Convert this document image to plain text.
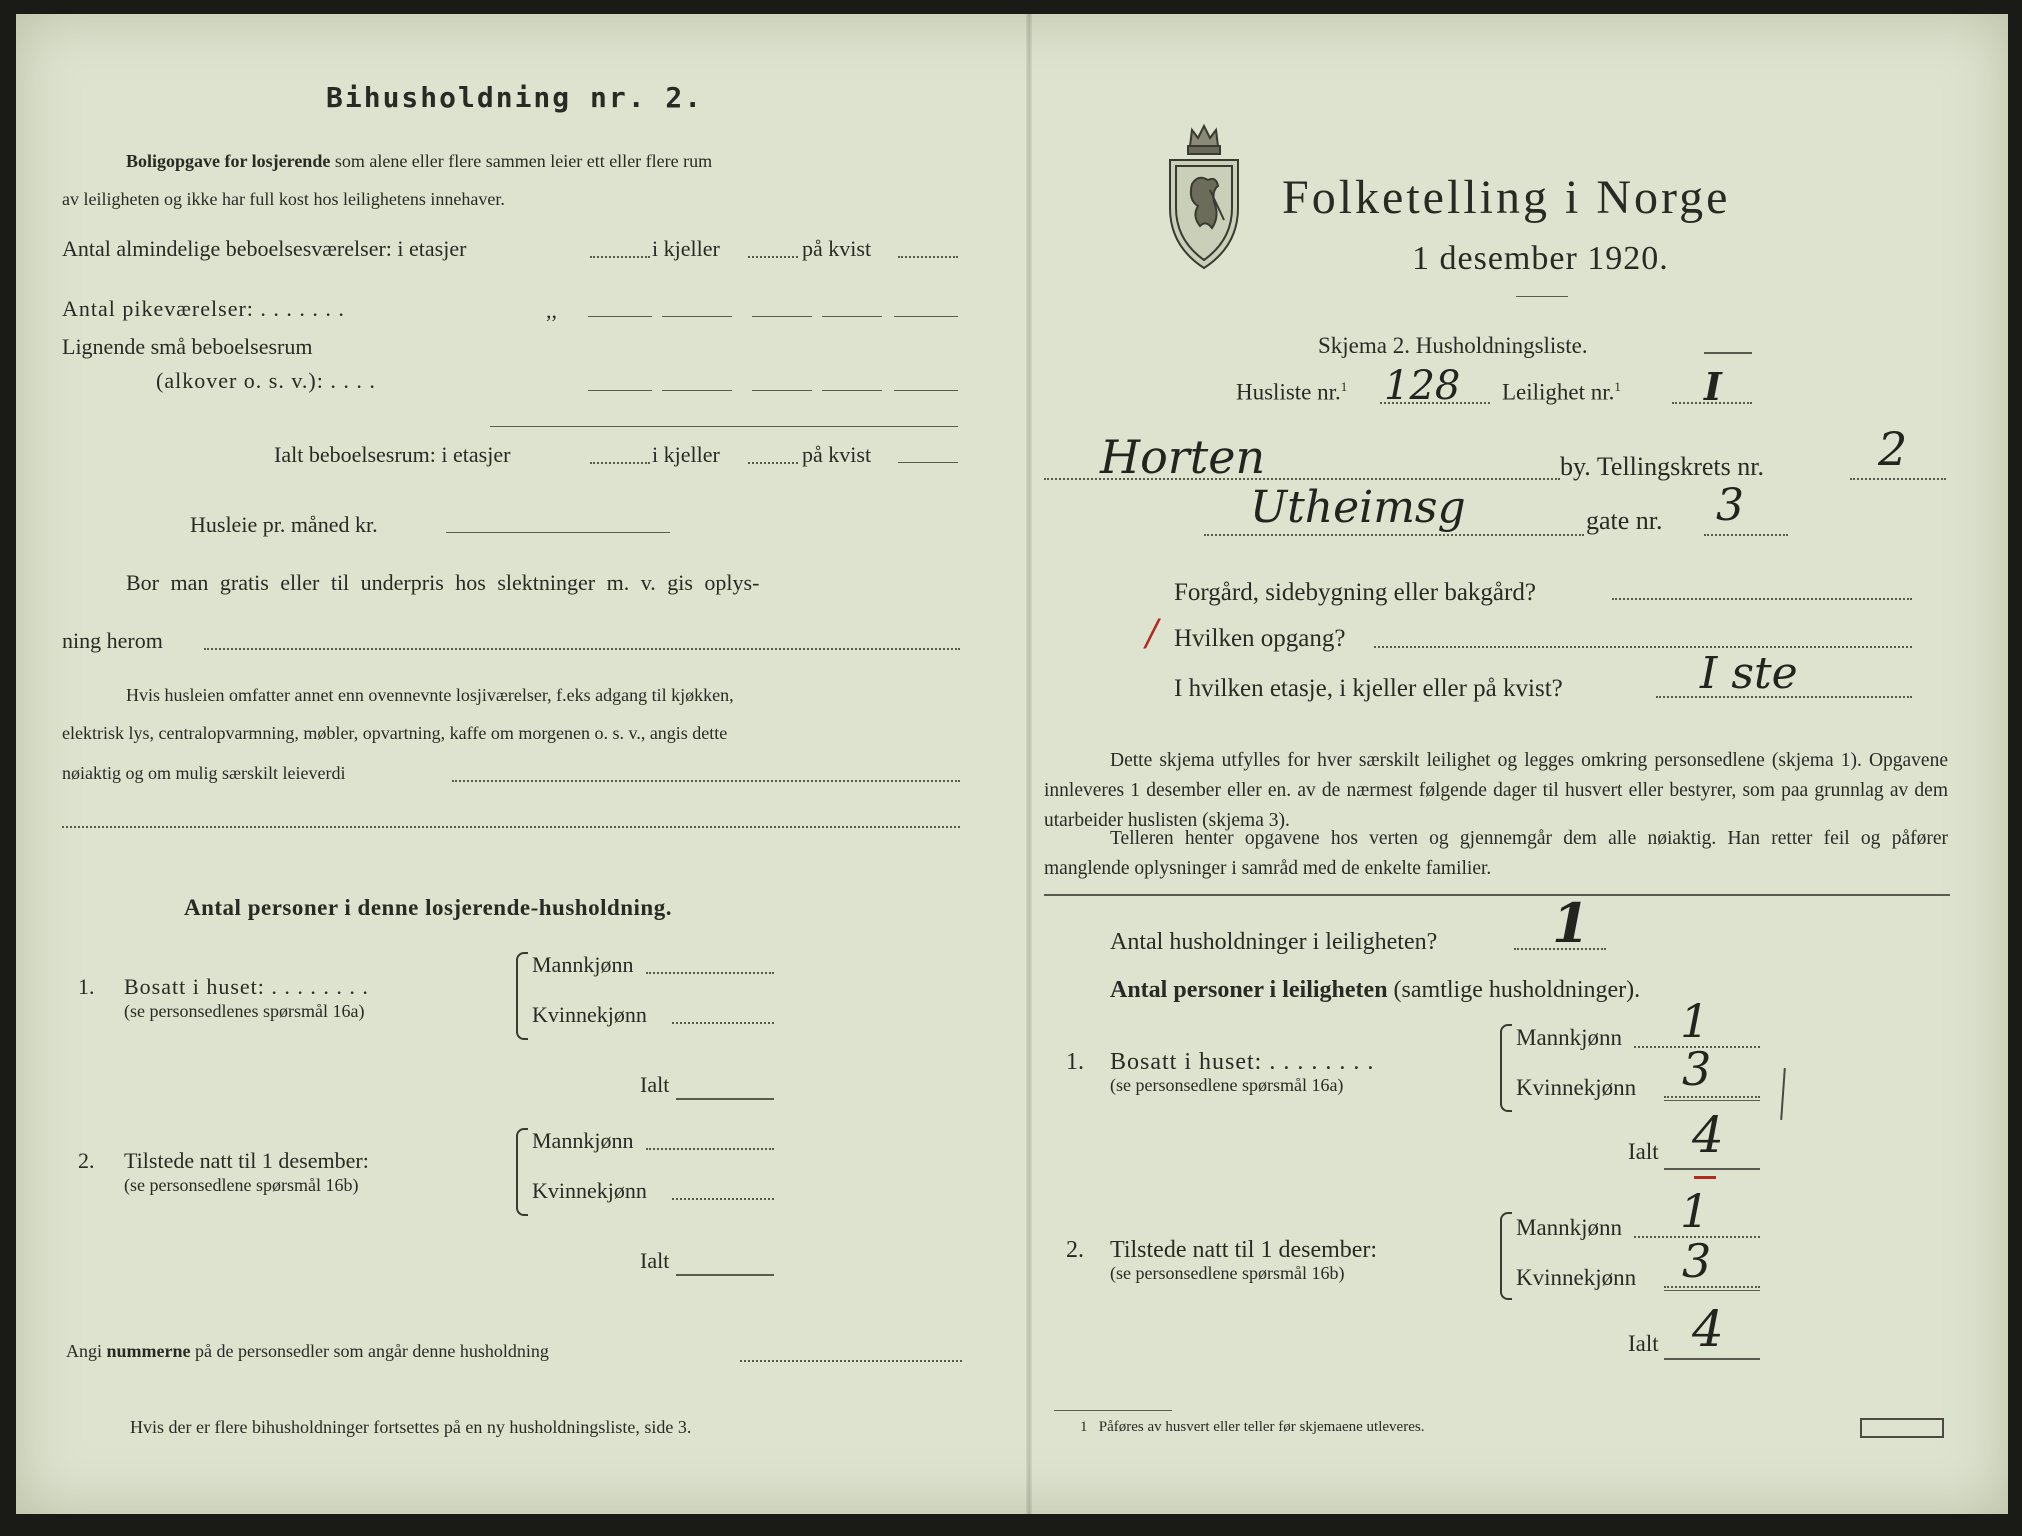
Bihusholdning nr. 2.
Boligopgave for losjerende som alene eller flere sammen leier ett eller flere rum
av leiligheten og ikke har full kost hos leilighetens innehaver.
Antal almindelige beboelsesværelser: i etasjer	i kjeller	på kvist
Antal pikeværelser: . . . . . . .	,,
Lignende små beboelsesrum
(alkover o. s. v.): . . . .
Ialt beboelsesrum: i etasjer	i kjeller	på kvist
Husleie pr. måned kr.
Bor man gratis eller til underpris hos slektninger m. v. gis oplys-
ning herom
Hvis husleien omfatter annet enn ovennevnte losjiværelser, f.eks adgang til kjøkken,
elektrisk lys, centralopvarmning, møbler, opvartning, kaffe om morgenen o. s. v., angis dette
nøiaktig og om mulig særskilt leieverdi
Antal personer i denne losjerende-husholdning.
1. Bosatt i huset: . . . . . . . .
(se personsedlenes spørsmål 16a)
Mannkjønn
Kvinnekjønn
Ialt
2. Tilstede natt til 1 desember:
(se personsedlene spørsmål 16b)
Mannkjønn
Kvinnekjønn
Ialt
Angi nummerne på de personsedler som angår denne husholdning
Hvis der er flere bihusholdninger fortsettes på en ny husholdningsliste, side 3.
Folketelling i Norge
1 desember 1920.
Skjema 2. Husholdningsliste.
Husliste nr.$^1$ 128 Leilighet nr.$^1$ I
Horten	by. Tellingskrets nr. 2
Utheimsg	gate nr. 3
Forgård, sidebygning eller bakgård?
/ Hvilken opgang?
I hvilken etasje, i kjeller eller på kvist?	I ste
Dette skjema utfylles for hver særskilt leilighet og legges omkring personsedlene (skjema 1). Opgavene innleveres 1 desember eller en. av de nærmest følgende dager til husvert eller bestyrer, som paa grunnlag av dem utarbeider huslisten (skjema 3).
Telleren henter opgavene hos verten og gjennemgår dem alle nøiaktig. Han retter feil og påfører manglende oplysninger i samråd med de enkelte familier.
Antal husholdninger i leiligheten? 1
Antal personer i leiligheten (samtlige husholdninger).
1. Bosatt i huset: . . . . . . . .
(se personsedlene spørsmål 16a)
Mannkjønn 1
Kvinnekjønn 3
Ialt 4
2. Tilstede natt til 1 desember:
(se personsedlene spørsmål 16b)
Mannkjønn 1
Kvinnekjønn 3
Ialt 4
1 Påføres av husvert eller teller før skjemaene utleveres.
